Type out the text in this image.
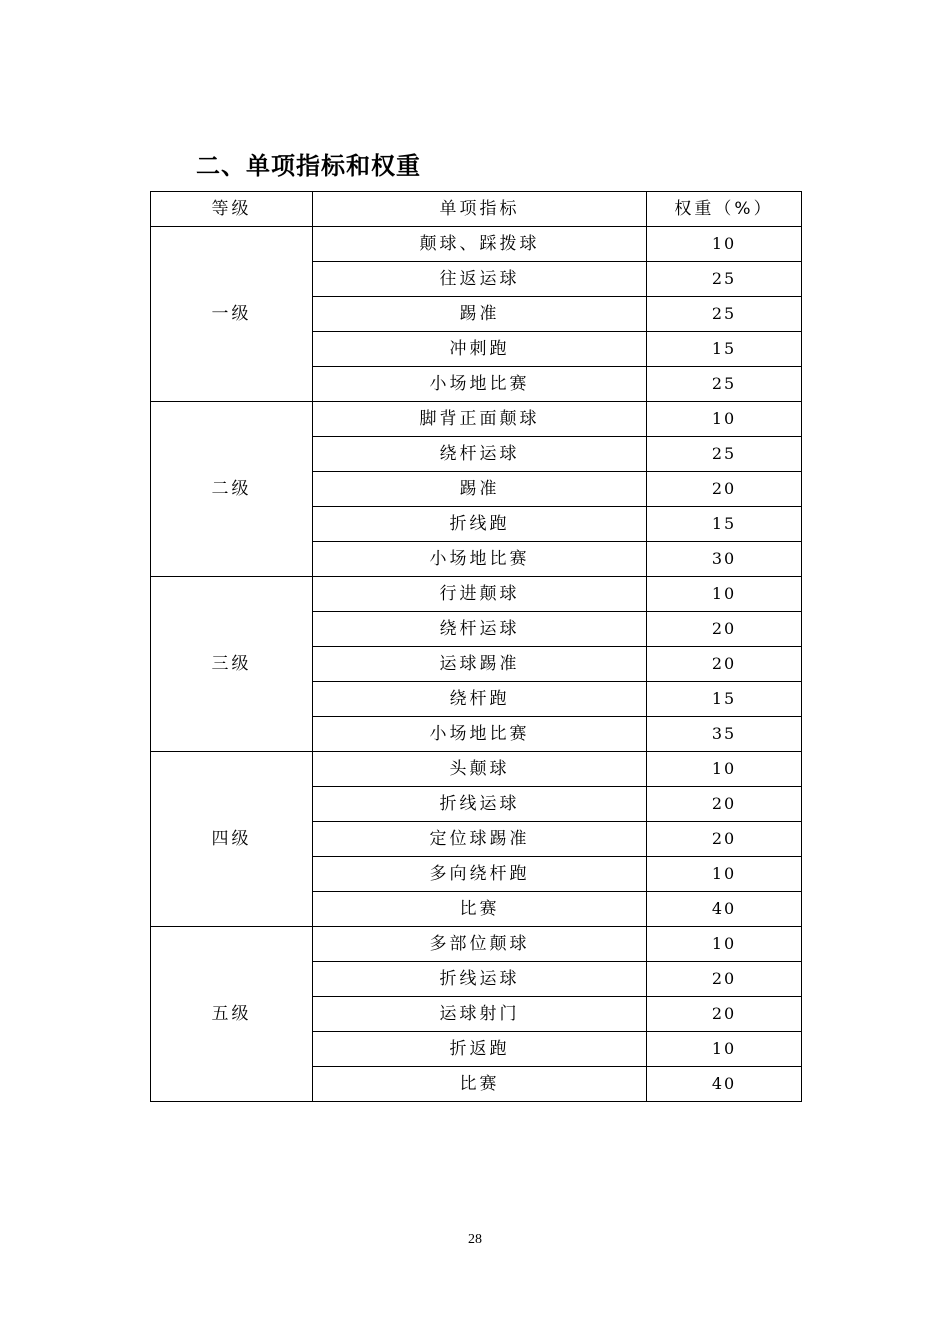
二、单项指标和权重
等级	单项指标	权重（%）
一级	颠球、踩拨球	10
	往返运球	25
	踢准	25
	冲刺跑	15
	小场地比赛	25
二级	脚背正面颠球	10
	绕杆运球	25
	踢准	20
	折线跑	15
	小场地比赛	30
三级	行进颠球	10
	绕杆运球	20
	运球踢准	20
	绕杆跑	15
	小场地比赛	35
四级	头颠球	10
	折线运球	20
	定位球踢准	20
	多向绕杆跑	10
	比赛	40
五级	多部位颠球	10
	折线运球	20
	运球射门	20
	折返跑	10
	比赛	40
28
